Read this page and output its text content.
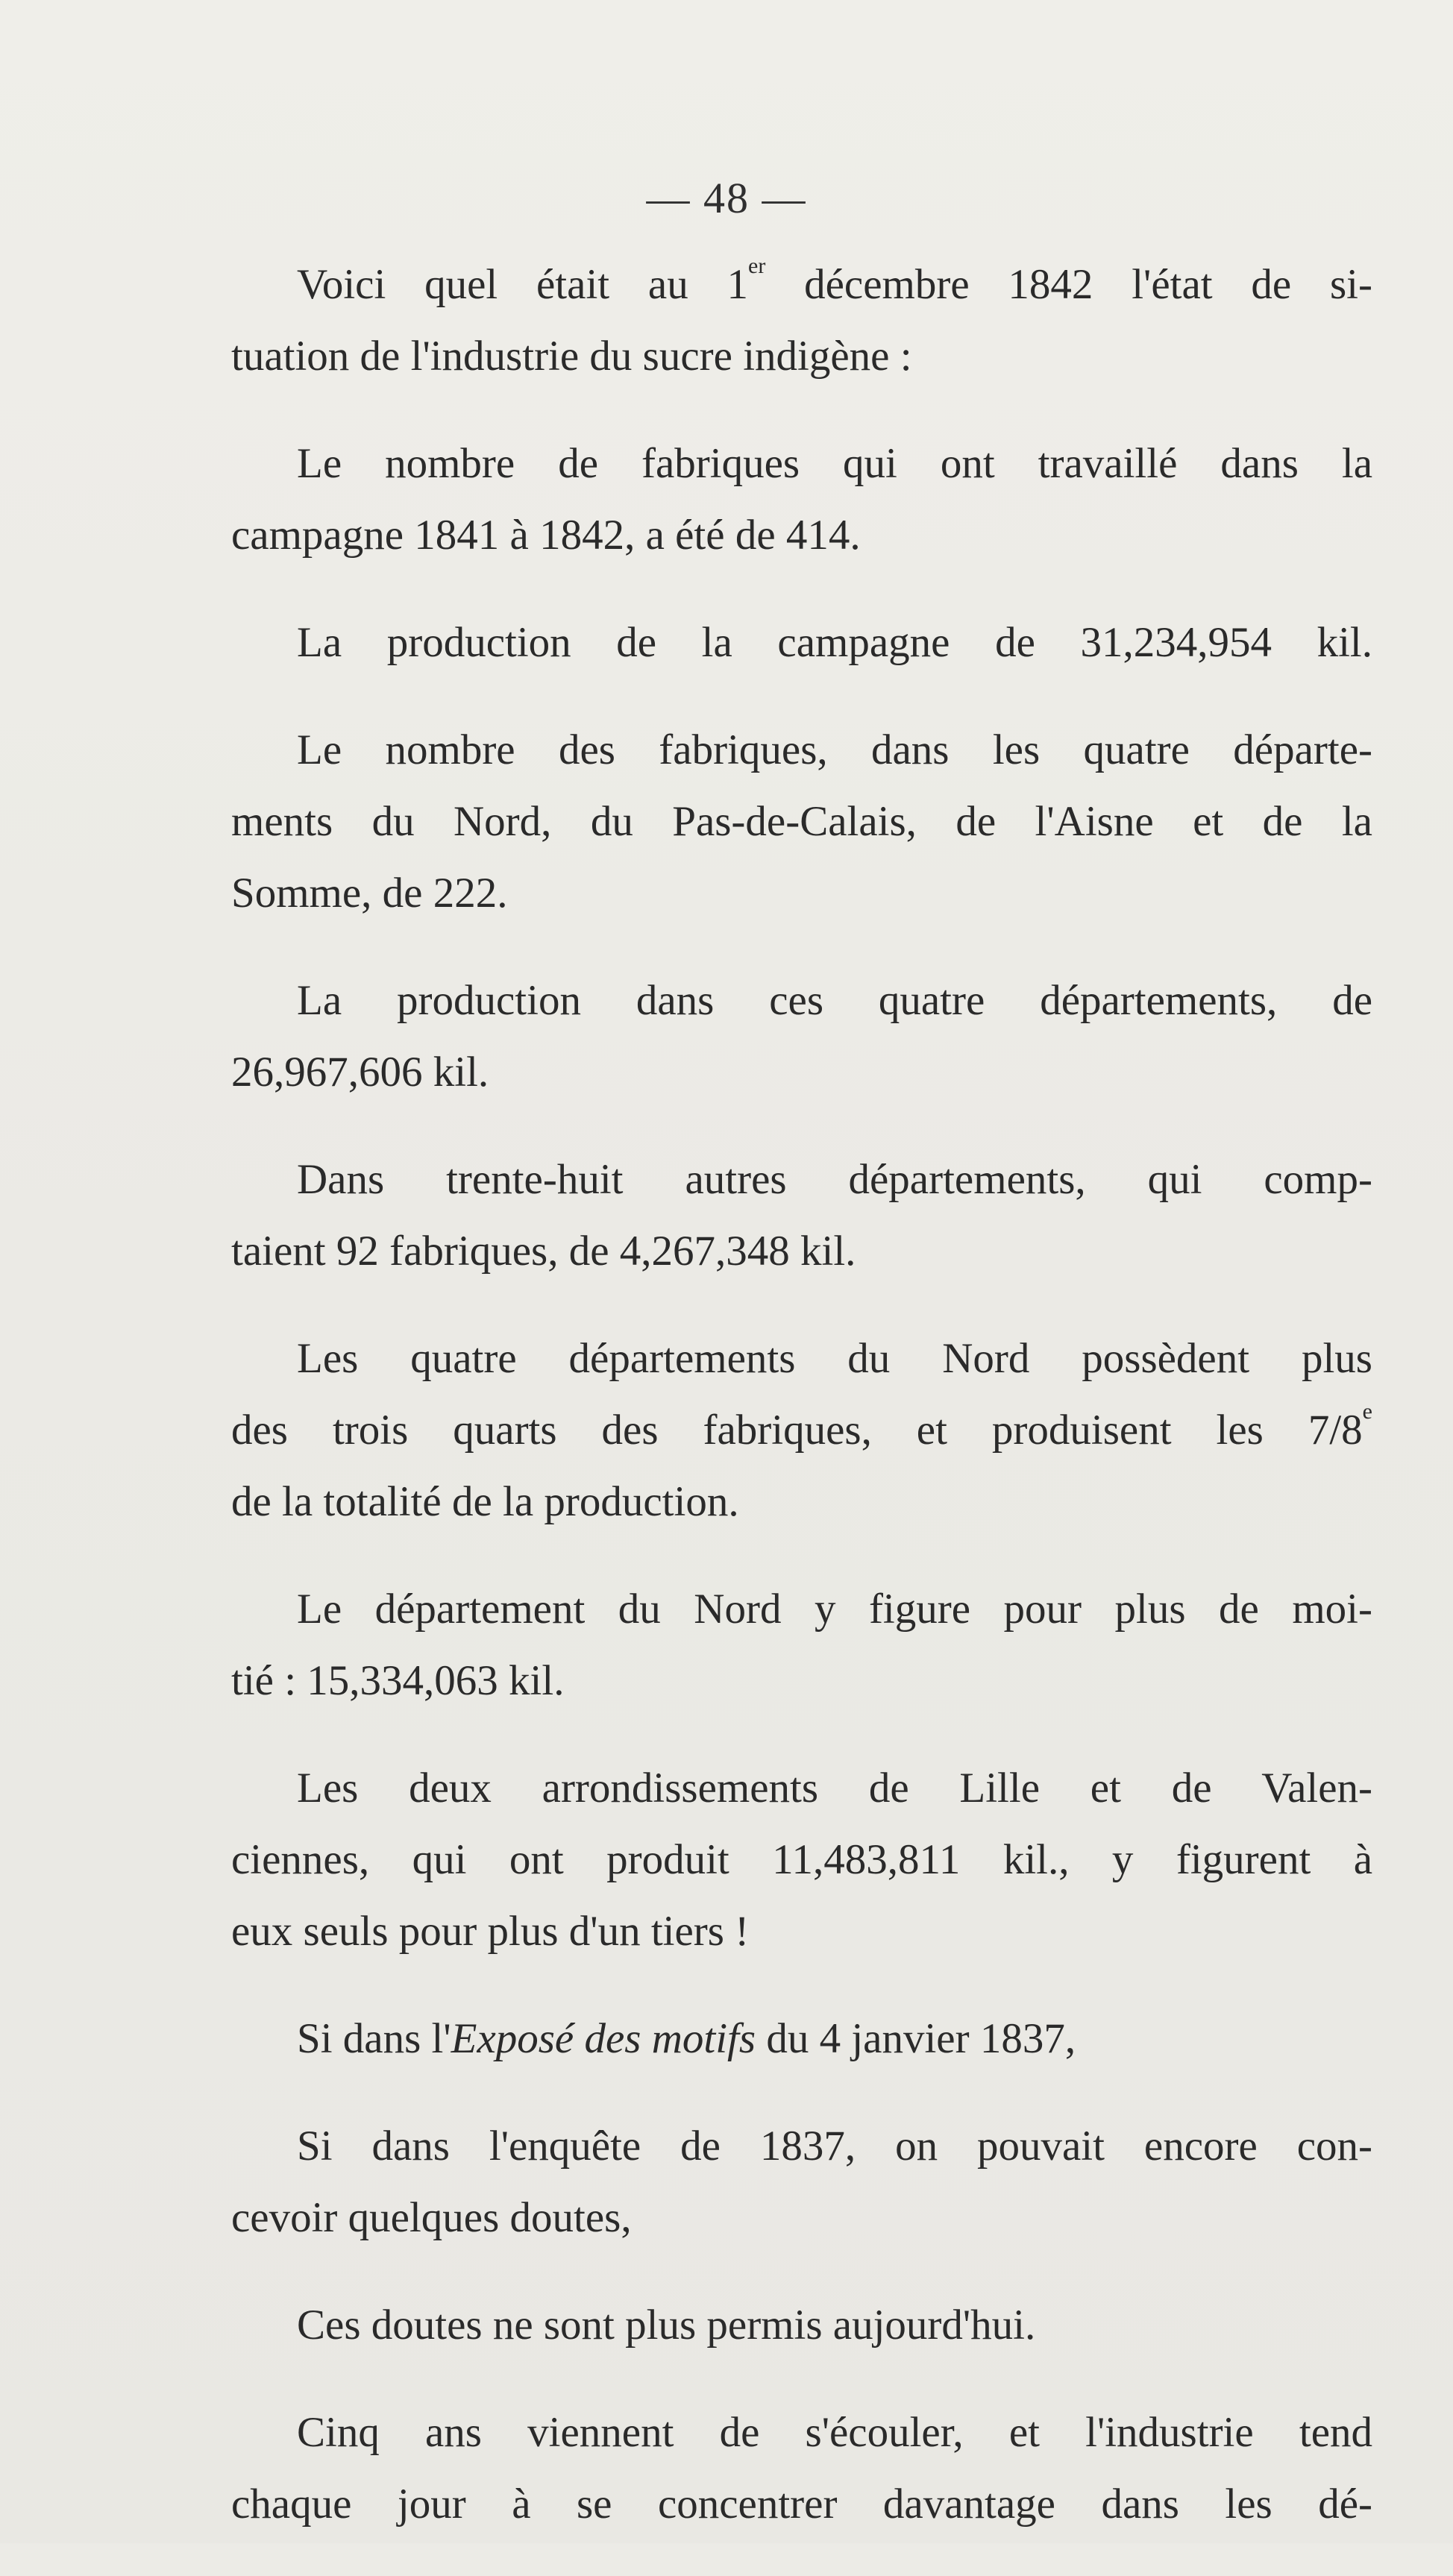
— 48 —

Voici quel était au 1er décembre 1842 l'état de si-
tuation de l'industrie du sucre indigène :

Le nombre de fabriques qui ont travaillé dans la
campagne 1841 à 1842, a été de 414.

La production de la campagne de 31,234,954 kil.

Le nombre des fabriques, dans les quatre départe-
ments du Nord, du Pas-de-Calais, de l'Aisne et de la
Somme, de 222.

La production dans ces quatre départements, de
26,967,606 kil.

Dans trente-huit autres départements, qui comp-
taient 92 fabriques, de 4,267,348 kil.

Les quatre départements du Nord possèdent plus
des trois quarts des fabriques, et produisent les 7/8e
de la totalité de la production.

Le département du Nord y figure pour plus de moi-
tié : 15,334,063 kil.

Les deux arrondissements de Lille et de Valen-
ciennes, qui ont produit 11,483,811 kil., y figurent à
eux seuls pour plus d'un tiers !

Si dans l'Exposé des motifs du 4 janvier 1837,

Si dans l'enquête de 1837, on pouvait encore con-
cevoir quelques doutes,

Ces doutes ne sont plus permis aujourd'hui.

Cinq ans viennent de s'écouler, et l'industrie tend
chaque jour à se concentrer davantage dans les dé-
